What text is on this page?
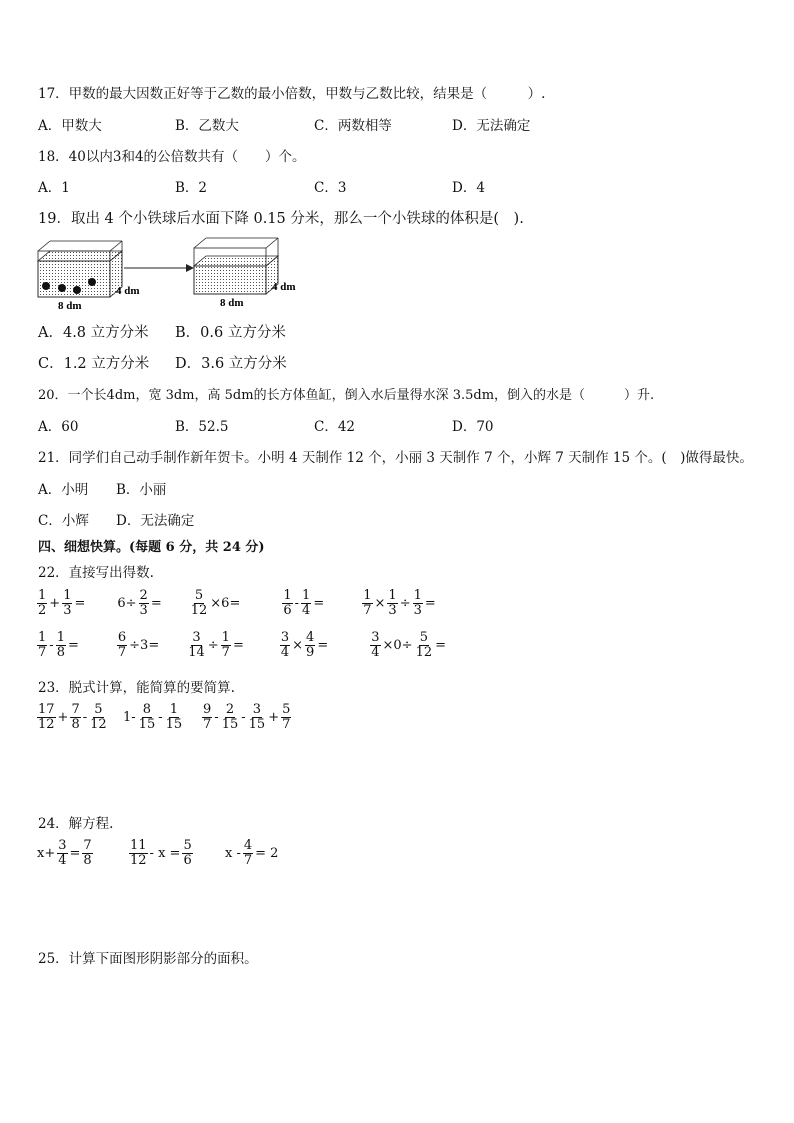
17．甲数的最大因数正好等于乙数的最小倍数，甲数与乙数比较，结果是（　　　）.
A．甲数大	B．乙数大	C．两数相等	D．无法确定
18．40以内3和4的公倍数共有（　　）个。
A．1	B．2	C．3	D．4
19．取出 4 个小铁球后水面下降 0.15 分米，那么一个小铁球的体积是(　).
8 dm
4 dm
8 dm
4 dm
A．4.8 立方分米 B．0.6 立方分米
C．1.2 立方分米 D．3.6 立方分米
20．一个长4dm，宽 3dm，高 5dm的长方体鱼缸，倒入水后量得水深 3.5dm，倒入的水是（　　　）升.
A．60	B．52.5	C．42	D．70
21．同学们自己动手制作新年贺卡。小明 4 天制作 12 个，小丽 3 天制作 7 个，小辉 7 天制作 15 个。(　)做得最快。
A．小明 B．小丽
C．小辉 D．无法确定
四、细想快算。(每题 6 分，共 24 分)
22．直接写出得数.
$\frac{1}{2} + \frac{1}{3} = 6\div \frac{2}{3} = \frac{5}{12} \times 6=$	$\frac{1}{6} - \frac{1}{4}$ =	$\frac{1}{7} \times \frac{1}{3} \div \frac{1}{3}$ =
$\frac{1}{7} - \frac{1}{8}$ =	$\frac{6}{7} \div 3= \frac{3}{14} \div \frac{1}{7}$ =	$\frac{3}{4} \times \frac{4}{9}$ =	$\frac{3}{4} \times 0\div \frac{5}{12}$ =
23．脱式计算，能简算的要简算.
$\frac{17}{12} + \frac{7}{8} - \frac{5}{12} 1- \frac{8}{15} - \frac{1}{15} \frac{9}{7} - \frac{2}{15} - \frac{3}{15} + \frac{5}{7}$
24．解方程.
$x+ \frac{3}{4} = \frac{7}{8}$	$\frac{11}{12} - x = \frac{5}{6}$ $x - \frac{4}{7} = 2$
25．计算下面图形阴影部分的面积。
